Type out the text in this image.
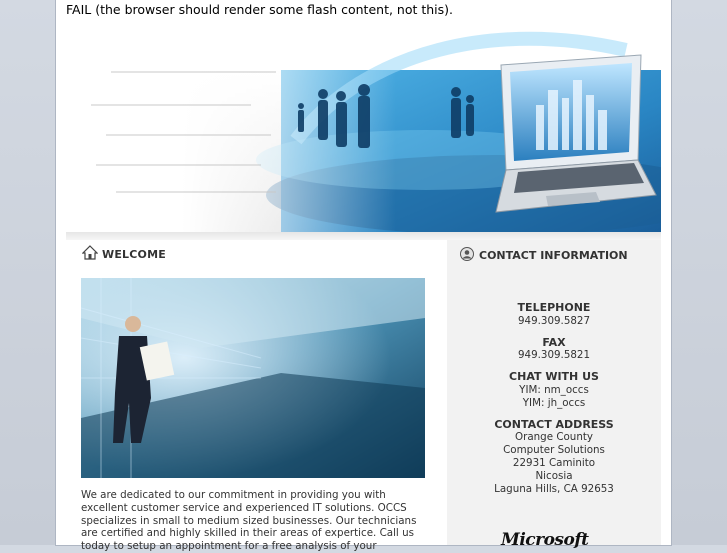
FAIL (the browser should render some flash content, not this).
WELCOME
We are dedicated to our commitment in providing you with excellent customer service and experienced IT solutions. OCCS specializes in small to medium sized businesses. Our technicians are certified and highly skilled in their areas of expertice. Call us today to setup an appointment for a free analysis of your
CONTACT INFORMATION
TELEPHONE
949.309.5827
FAX
949.309.5821
CHAT WITH US
YIM: nm_occs
YIM: jh_occs
CONTACT ADDRESS
Orange County
Computer Solutions
22931 Caminito
Nicosia
Laguna Hills, CA 92653
Microsoft
